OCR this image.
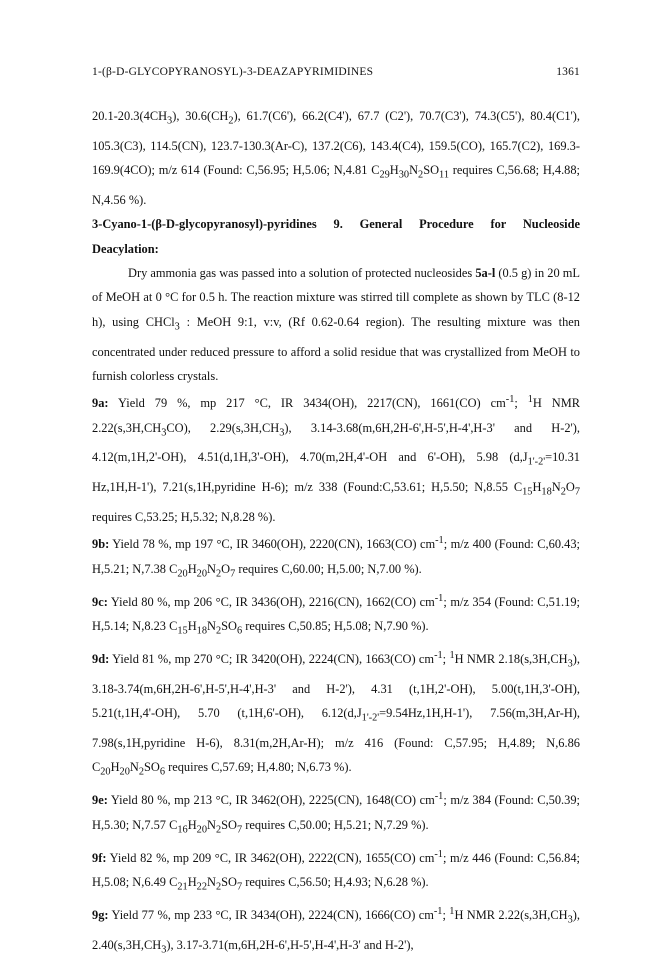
1-(β-D-GLYCOPYRANOSYL)-3-DEAZAPYRIMIDINES	1361

$20.1-20.3(4CH_3)$, $30.6(CH_2)$, 61.7(C6'), 66.2(C4'), 67.7 (C2'), 70.7(C3'), 74.3(C5'), 80.4(C1'), 105.3(C3), 114.5(CN), 123.7-130.3(Ar-C), 137.2(C6), 143.4(C4), 159.5(CO), 165.7(C2), 169.3-169.9(4CO); m/z 614 (Found: C,56.95; H,5.06; N,4.81 $C_{29}H_{30}N_2SO_{11}$ requires C,56.68; H,4.88; N,4.56 %).

3-Cyano-1-(β-D-glycopyranosyl)-pyridines 9. General Procedure for Nucleoside Deacylation:

Dry ammonia gas was passed into a solution of protected nucleosides 5a-l (0.5 g) in 20 mL of MeOH at 0 °C for 0.5 h. The reaction mixture was stirred till complete as shown by TLC (8-12 h), using CHCl$_3$ : MeOH 9:1, v:v, (Rf 0.62-0.64 region). The resulting mixture was then concentrated under reduced pressure to afford a solid residue that was crystallized from MeOH to furnish colorless crystals.

9a: Yield 79 %, mp 217 °C, IR 3434(OH), 2217(CN), 1661(CO) $cm^{-1}$; $^1$H NMR $2.22(s,3H,CH_3CO)$, $2.29(s,3H,CH_3)$, 3.14-3.68(m,6H,2H-6',H-5',H-4',H-3' and H-2'), 4.12(m,1H,2'-OH), 4.51(d,1H,3'-OH), 4.70(m,2H,4'-OH and 6'-OH), 5.98 ($d,J_{1'-2'}=10.31$ Hz,1H,H-1'), 7.21(s,1H,pyridine H-6); m/z 338 (Found:C,53.61; H,5.50; N,8.55 $C_{15}H_{18}N_2O_7$ requires C,53.25; H,5.32; N,8.28 %).

9b: Yield 78 %, mp 197 °C, IR 3460(OH), 2220(CN), 1663(CO) $cm^{-1}$; m/z 400 (Found: C,60.43; H,5.21; N,7.38 $C_{20}H_{20}N_2O_7$ requires C,60.00; H,5.00; N,7.00 %).

9c: Yield 80 %, mp 206 °C, IR 3436(OH), 2216(CN), 1662(CO) $cm^{-1}$; m/z 354 (Found: C,51.19; H,5.14; N,8.23 $C_{15}H_{18}N_2SO_6$ requires C,50.85; H,5.08; N,7.90 %).

9d: Yield 81 %, mp 270 °C; IR 3420(OH), 2224(CN), 1663(CO) $cm^{-1}$; $^1$H NMR $2.18(s,3H,CH_3)$, 3.18-3.74(m,6H,2H-6',H-5',H-4',H-3' and H-2'), 4.31 (t,1H,2'-OH), 5.00(t,1H,3'-OH), 5.21(t,1H,4'-OH), 5.70 (t,1H,6'-OH), $6.12(d,J_{1'-2'}=9.54Hz,1H,H-1')$, 7.56(m,3H,Ar-H), 7.98(s,1H,pyridine H-6), 8.31(m,2H,Ar-H); m/z 416 (Found: C,57.95; H,4.89; N,6.86 $C_{20}H_{20}N_2SO_6$ requires C,57.69; H,4.80; N,6.73 %).

9e: Yield 80 %, mp 213 °C, IR 3462(OH), 2225(CN), 1648(CO) $cm^{-1}$; m/z 384 (Found: C,50.39; H,5.30; N,7.57 $C_{16}H_{20}N_2SO_7$ requires C,50.00; H,5.21; N,7.29 %).

9f: Yield 82 %, mp 209 °C, IR 3462(OH), 2222(CN), 1655(CO) $cm^{-1}$; m/z 446 (Found: C,56.84; H,5.08; N,6.49 $C_{21}H_{22}N_2SO_7$ requires C,56.50; H,4.93; N,6.28 %).

9g: Yield 77 %, mp 233 °C, IR 3434(OH), 2224(CN), 1666(CO) $cm^{-1}$; $^1$H NMR $2.22(s,3H,CH_3)$, $2.40(s,3H,CH_3)$, 3.17-3.71(m,6H,2H-6',H-5',H-4',H-3' and H-2'),
